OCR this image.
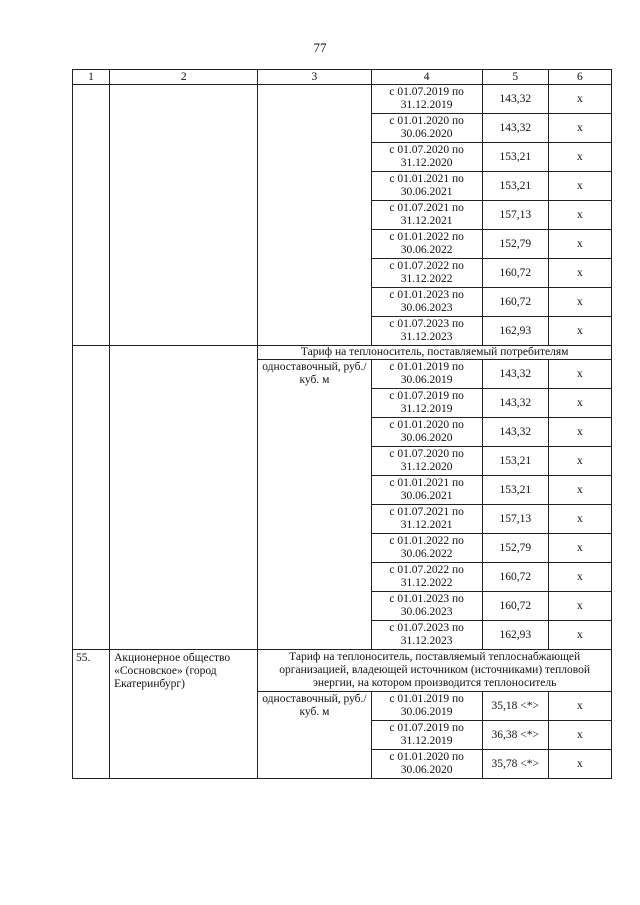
77
1	2	3	4	5	6
			с 01.07.2019 по 31.12.2019	143,32	х
			с 01.01.2020 по 30.06.2020	143,32	х
			с 01.07.2020 по 31.12.2020	153,21	х
			с 01.01.2021 по 30.06.2021	153,21	х
			с 01.07.2021 по 31.12.2021	157,13	х
			с 01.01.2022 по 30.06.2022	152,79	х
			с 01.07.2022 по 31.12.2022	160,72	х
			с 01.01.2023 по 30.06.2023	160,72	х
			с 01.07.2023 по 31.12.2023	162,93	х
		Тариф на теплоноситель, поставляемый потребителям			
		одноставочный, руб./куб. м	с 01.01.2019 по 30.06.2019	143,32	х
			с 01.07.2019 по 31.12.2019	143,32	х
			с 01.01.2020 по 30.06.2020	143,32	х
			с 01.07.2020 по 31.12.2020	153,21	х
			с 01.01.2021 по 30.06.2021	153,21	х
			с 01.07.2021 по 31.12.2021	157,13	х
			с 01.01.2022 по 30.06.2022	152,79	х
			с 01.07.2022 по 31.12.2022	160,72	х
			с 01.01.2023 по 30.06.2023	160,72	х
			с 01.07.2023 по 31.12.2023	162,93	х
55.	Акционерное общество «Сосновское» (город Екатеринбург)	Тариф на теплоноситель, поставляемый теплоснабжающей организацией, владеющей источником (источниками) тепловой энергии, на котором производится теплоноситель			
		одноставочный, руб./куб. м	с 01.01.2019 по 30.06.2019	35,18 <*>	х
			с 01.07.2019 по 31.12.2019	36,38 <*>	х
			с 01.01.2020 по 30.06.2020	35,78 <*>	х
